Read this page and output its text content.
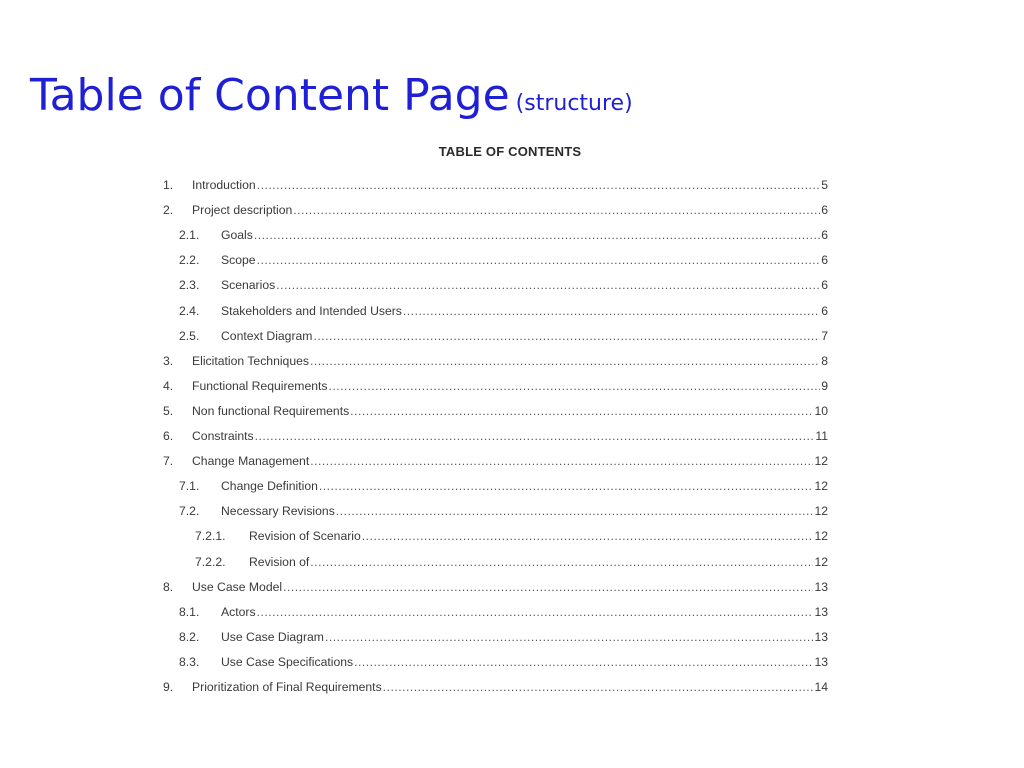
Table of Content Page (structure)
TABLE OF CONTENTS
1. Introduction .....	5
2. Project description .....	6
2.1. Goals .....	6
2.2. Scope .....	6
2.3. Scenarios .....	6
2.4. Stakeholders and Intended Users .....	6
2.5. Context Diagram .....	7
3. Elicitation Techniques .....	8
4. Functional Requirements .....	9
5. Non functional Requirements .....	10
6. Constraints .....	11
7. Change Management .....	12
7.1. Change Definition .....	12
7.2. Necessary Revisions .....	12
7.2.1. Revision of Scenario .....	12
7.2.2. Revision of .....	12
8. Use Case Model .....	13
8.1. Actors .....	13
8.2. Use Case Diagram .....	13
8.3. Use Case Specifications .....	13
9. Prioritization of Final Requirements .....	14
